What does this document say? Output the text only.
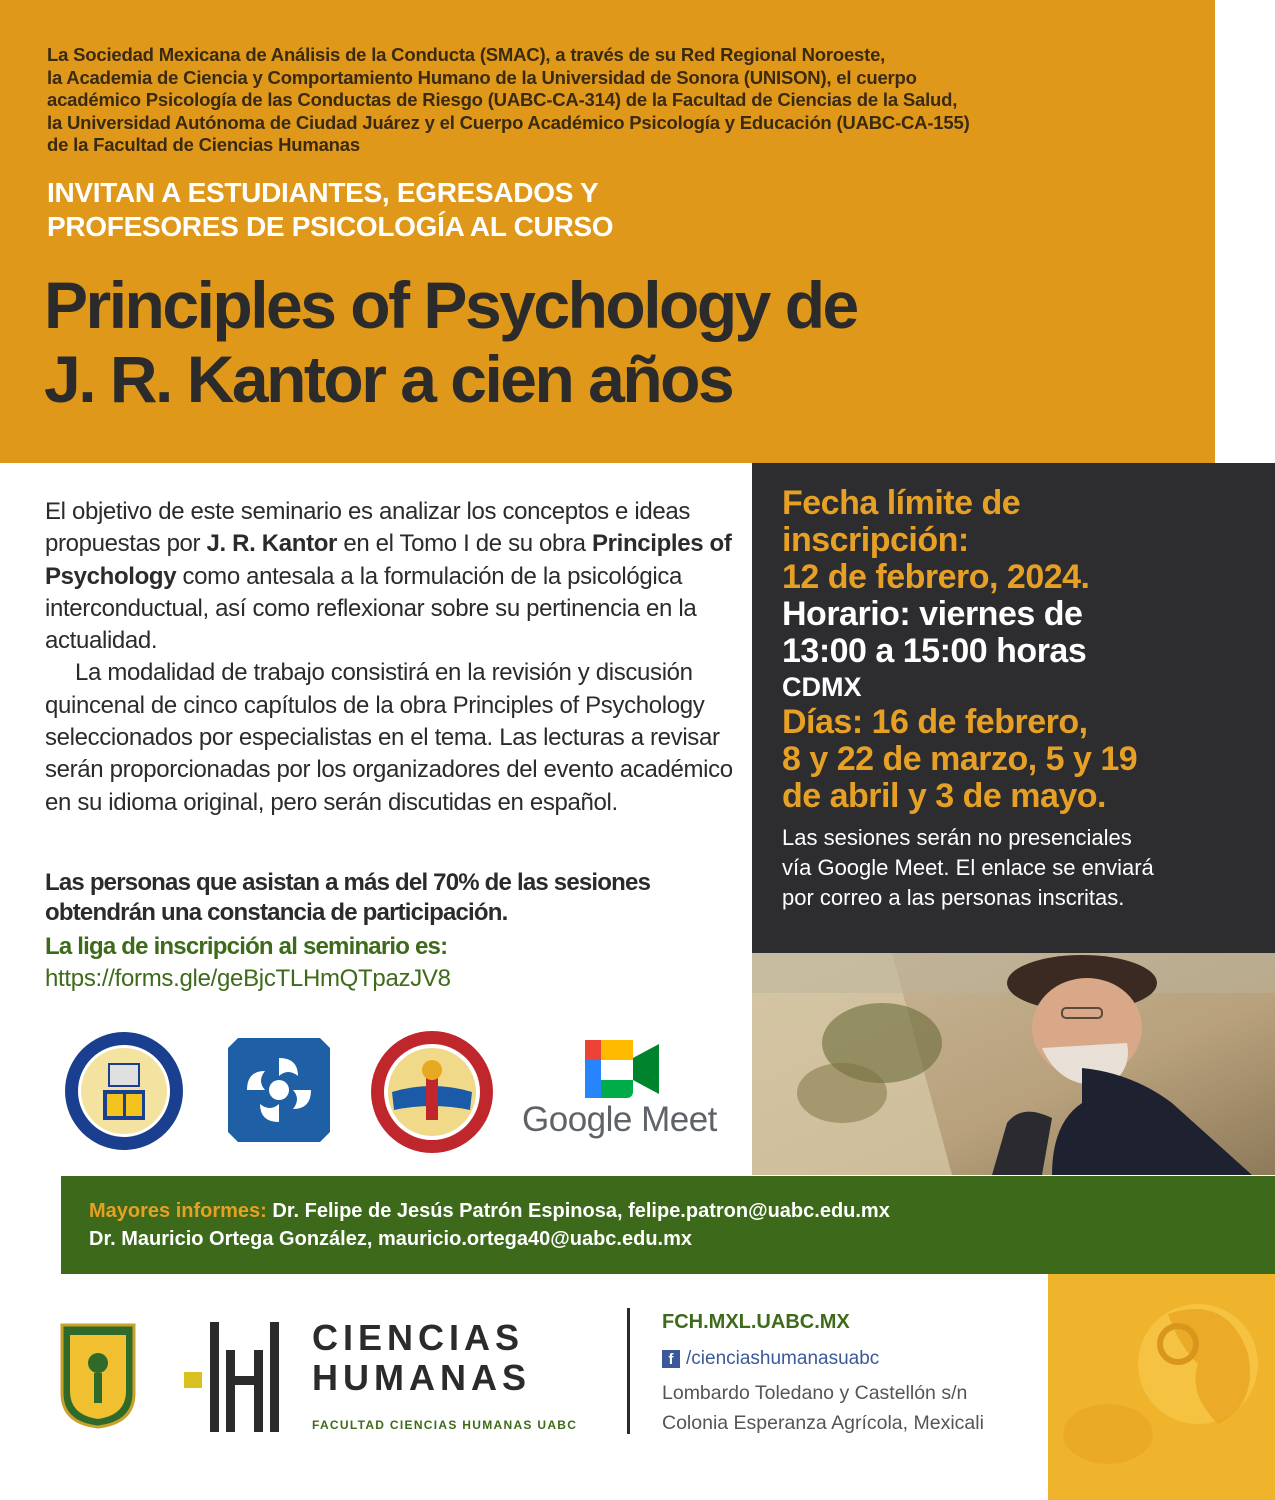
La Sociedad Mexicana de Análisis de la Conducta (SMAC), a través de su Red Regional Noroeste,
la Academia de Ciencia y Comportamiento Humano de la Universidad de Sonora (UNISON), el cuerpo
académico Psicología de las Conductas de Riesgo (UABC-CA-314) de la Facultad de Ciencias de la Salud,
la Universidad Autónoma de Ciudad Juárez y el Cuerpo Académico Psicología y Educación (UABC-CA-155)
de la Facultad de Ciencias Humanas
INVITAN A ESTUDIANTES, EGRESADOS Y
PROFESORES DE PSICOLOGÍA AL CURSO
Principles of Psychology de
J. R. Kantor a cien años

El objetivo de este seminario es analizar los conceptos e ideas propuestas por J. R. Kantor en el Tomo I de su obra Principles of Psychology como antesala a la formulación de la psicológica interconductual, así como reflexionar sobre su pertinencia en la actualidad.

La modalidad de trabajo consistirá en la revisión y discusión quincenal de cinco capítulos de la obra Principles of Psychology seleccionados por especialistas en el tema. Las lecturas a revisar serán proporcionadas por los organizadores del evento académico en su idioma original, pero serán discutidas en español.

Las personas que asistan a más del 70% de las sesiones
obtendrán una constancia de participación.
La liga de inscripción al seminario es:
https://forms.gle/geBjcTLHmQTpazJV8
Fecha límite de
inscripción:
12 de febrero, 2024.
Horario: viernes de
13:00 a 15:00 horas
CDMX
Días: 16 de febrero,
8 y 22 de marzo, 5 y 19
de abril y 3 de mayo.
Las sesiones serán no presenciales
vía Google Meet. El enlace se enviará
por correo a las personas inscritas.
Google Meet
Mayores informes: Dr. Felipe de Jesús Patrón Espinosa, felipe.patron@uabc.edu.mx
Dr. Mauricio Ortega González, mauricio.ortega40@uabc.edu.mx
CIENCIAS
HUMANAS
FACULTAD CIENCIAS HUMANAS UABC
FCH.MXL.UABC.MX
f /cienciashumanasuabc
Lombardo Toledano y Castellón s/n
Colonia Esperanza Agrícola, Mexicali
